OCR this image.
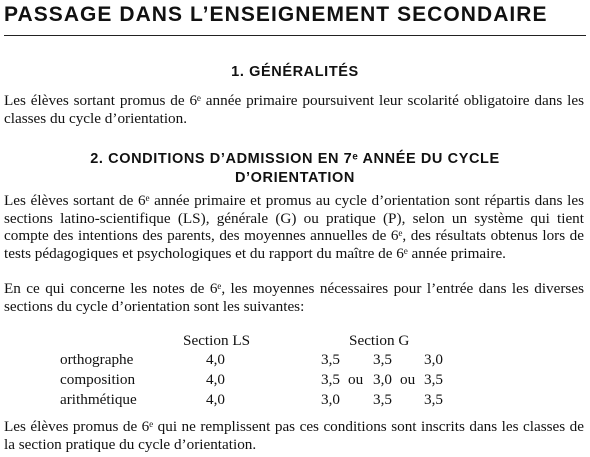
PASSAGE DANS L’ENSEIGNEMENT SECONDAIRE
1. GÉNÉRALITÉS

Les élèves sortant promus de 6ᵉ année primaire poursuivent leur scolarité obligatoire dans les classes du cycle d’orientation.

2. CONDITIONS D’ADMISSION EN 7ᵉ ANNÉE DU CYCLE
D’ORIENTATION

Les élèves sortant de 6ᵉ année primaire et promus au cycle d’orientation sont répartis dans les sections latino-scientifique (LS), générale (G) ou pratique (P), selon un système qui tient compte des intentions des parents, des moyennes annuelles de 6ᵉ, des résultats obtenus lors de tests pédagogiques et psychologiques et du rapport du maître de 6ᵉ année primaire.

En ce qui concerne les notes de 6ᵉ, les moyennes nécessaires pour l’entrée dans les diverses sections du cycle d’orientation sont les suivantes:

Section LS	Section G
orthographe	4,0	3,5 3,5 3,0
composition	4,0	3,5 ou 3,0 ou 3,5
arithmétique	4,0	3,0 3,5 3,5

Les élèves promus de 6ᵉ qui ne remplissent pas ces conditions sont inscrits dans les classes de la section pratique du cycle d’orientation.
